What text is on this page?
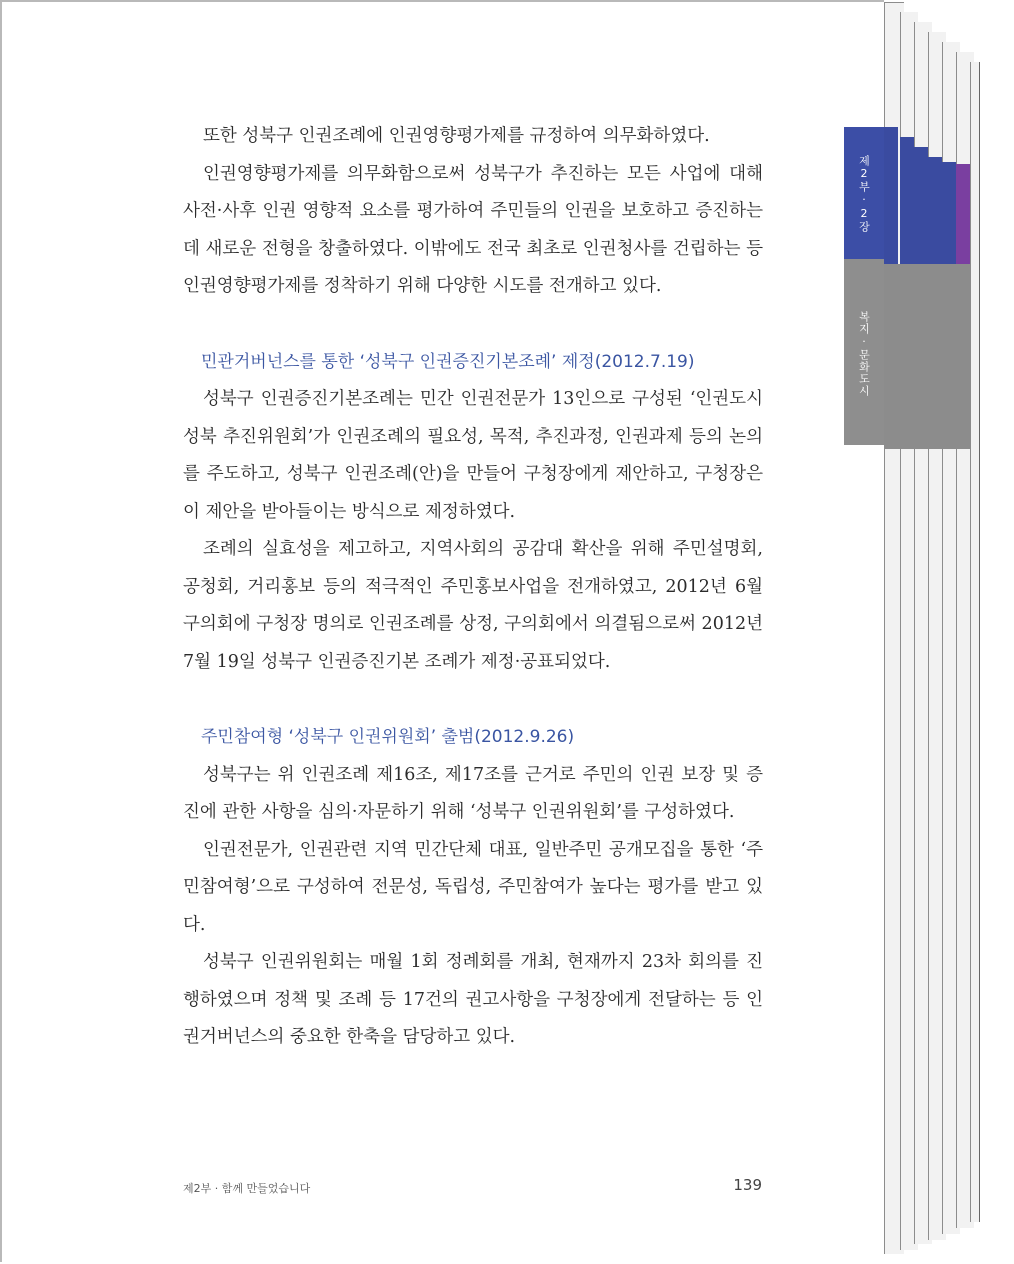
제2부·2장
복지·문화도시

또한 성북구 인권조례에 인권영향평가제를 규정하여 의무화하였다.

인권영향평가제를 의무화함으로써 성북구가 추진하는 모든 사업에 대해 사전·사후 인권 영향적 요소를 평가하여 주민들의 인권을 보호하고 증진하는데 새로운 전형을 창출하였다. 이밖에도 전국 최초로 인권청사를 건립하는 등 인권영향평가제를 정착하기 위해 다양한 시도를 전개하고 있다.

민관거버넌스를 통한 ‘성북구 인권증진기본조례’ 제정(2012.7.19)

성북구 인권증진기본조례는 민간 인권전문가 13인으로 구성된 ‘인권도시성북 추진위원회’가 인권조례의 필요성, 목적, 추진과정, 인권과제 등의 논의를 주도하고, 성북구 인권조례(안)을 만들어 구청장에게 제안하고, 구청장은 이 제안을 받아들이는 방식으로 제정하였다.

조례의 실효성을 제고하고, 지역사회의 공감대 확산을 위해 주민설명회, 공청회, 거리홍보 등의 적극적인 주민홍보사업을 전개하였고, 2012년 6월 구의회에 구청장 명의로 인권조례를 상정, 구의회에서 의결됨으로써 2012년 7월 19일 성북구 인권증진기본 조례가 제정·공표되었다.

주민참여형 ‘성북구 인권위원회’ 출범(2012.9.26)

성북구는 위 인권조례 제16조, 제17조를 근거로 주민의 인권 보장 및 증진에 관한 사항을 심의·자문하기 위해 ‘성북구 인권위원회’를 구성하였다.

인권전문가, 인권관련 지역 민간단체 대표, 일반주민 공개모집을 통한 ‘주민참여형’으로 구성하여 전문성, 독립성, 주민참여가 높다는 평가를 받고 있다.

성북구 인권위원회는 매월 1회 정례회를 개최, 현재까지 23차 회의를 진행하였으며 정책 및 조례 등 17건의 권고사항을 구청장에게 전달하는 등 인권거버넌스의 중요한 한축을 담당하고 있다.

제2부 · 함께 만들었습니다	139
